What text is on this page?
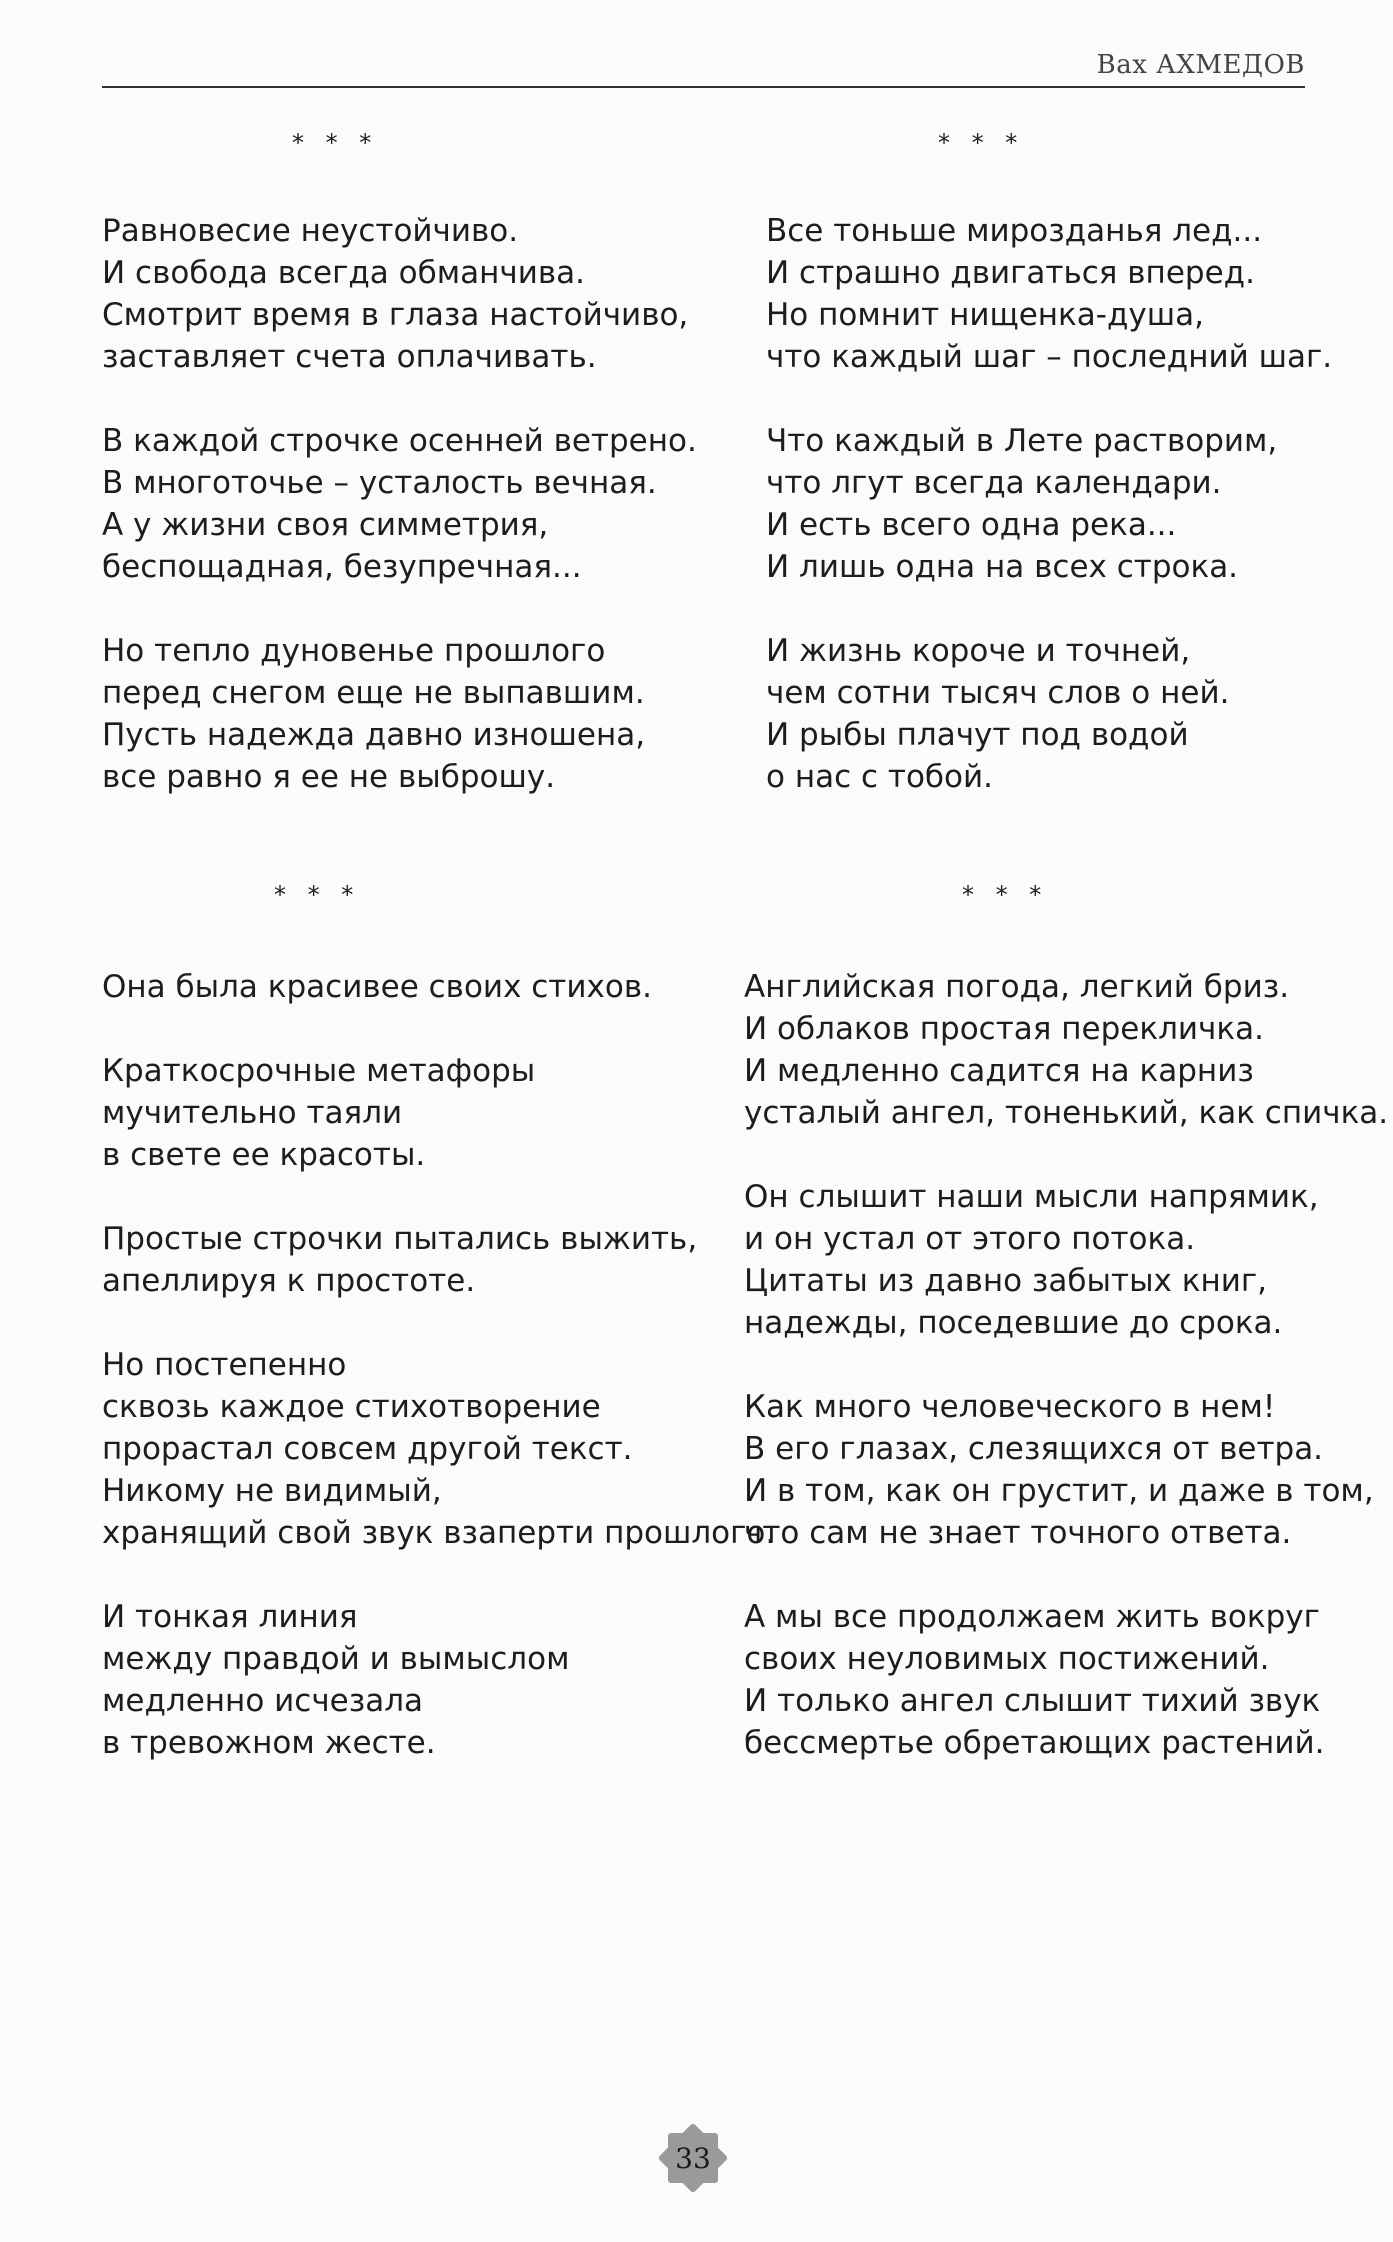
Вах АХМЕДОВ

* * *

Равновесие неустойчиво.
И свобода всегда обманчива.
Смотрит время в глаза настойчиво,
заставляет счета оплачивать.
В каждой строчке осенней ветрено.
В многоточье – усталость вечная.
А у жизни своя симметрия,
беспощадная, безупречная...
Но тепло дуновенье прошлого
перед снегом еще не выпавшим.
Пусть надежда давно изношена,
все равно я ее не выброшу.

* * *

Все тоньше мирозданья лед...
И страшно двигаться вперед.
Но помнит нищенка-душа,
что каждый шаг – последний шаг.
Что каждый в Лете растворим,
что лгут всегда календари.
И есть всего одна река...
И лишь одна на всех строка.
И жизнь короче и точней,
чем сотни тысяч слов о ней.
И рыбы плачут под водой
о нас с тобой.

* * *

Она была красивее своих стихов.
Краткосрочные метафоры
мучительно таяли
в свете ее красоты.
Простые строчки пытались выжить,
апеллируя к простоте.
Но постепенно
сквозь каждое стихотворение
прорастал совсем другой текст.
Никому не видимый,
хранящий свой звук взаперти прошлого.
И тонкая линия
между правдой и вымыслом
медленно исчезала
в тревожном жесте.

* * *

Английская погода, легкий бриз.
И облаков простая перекличка.
И медленно садится на карниз
усталый ангел, тоненький, как спичка.
Он слышит наши мысли напрямик,
и он устал от этого потока.
Цитаты из давно забытых книг,
надежды, поседевшие до срока.
Как много человеческого в нем!
В его глазах, слезящихся от ветра.
И в том, как он грустит, и даже в том,
что сам не знает точного ответа.
А мы все продолжаем жить вокруг
своих неуловимых постижений.
И только ангел слышит тихий звук
бессмертье обретающих растений.
33
